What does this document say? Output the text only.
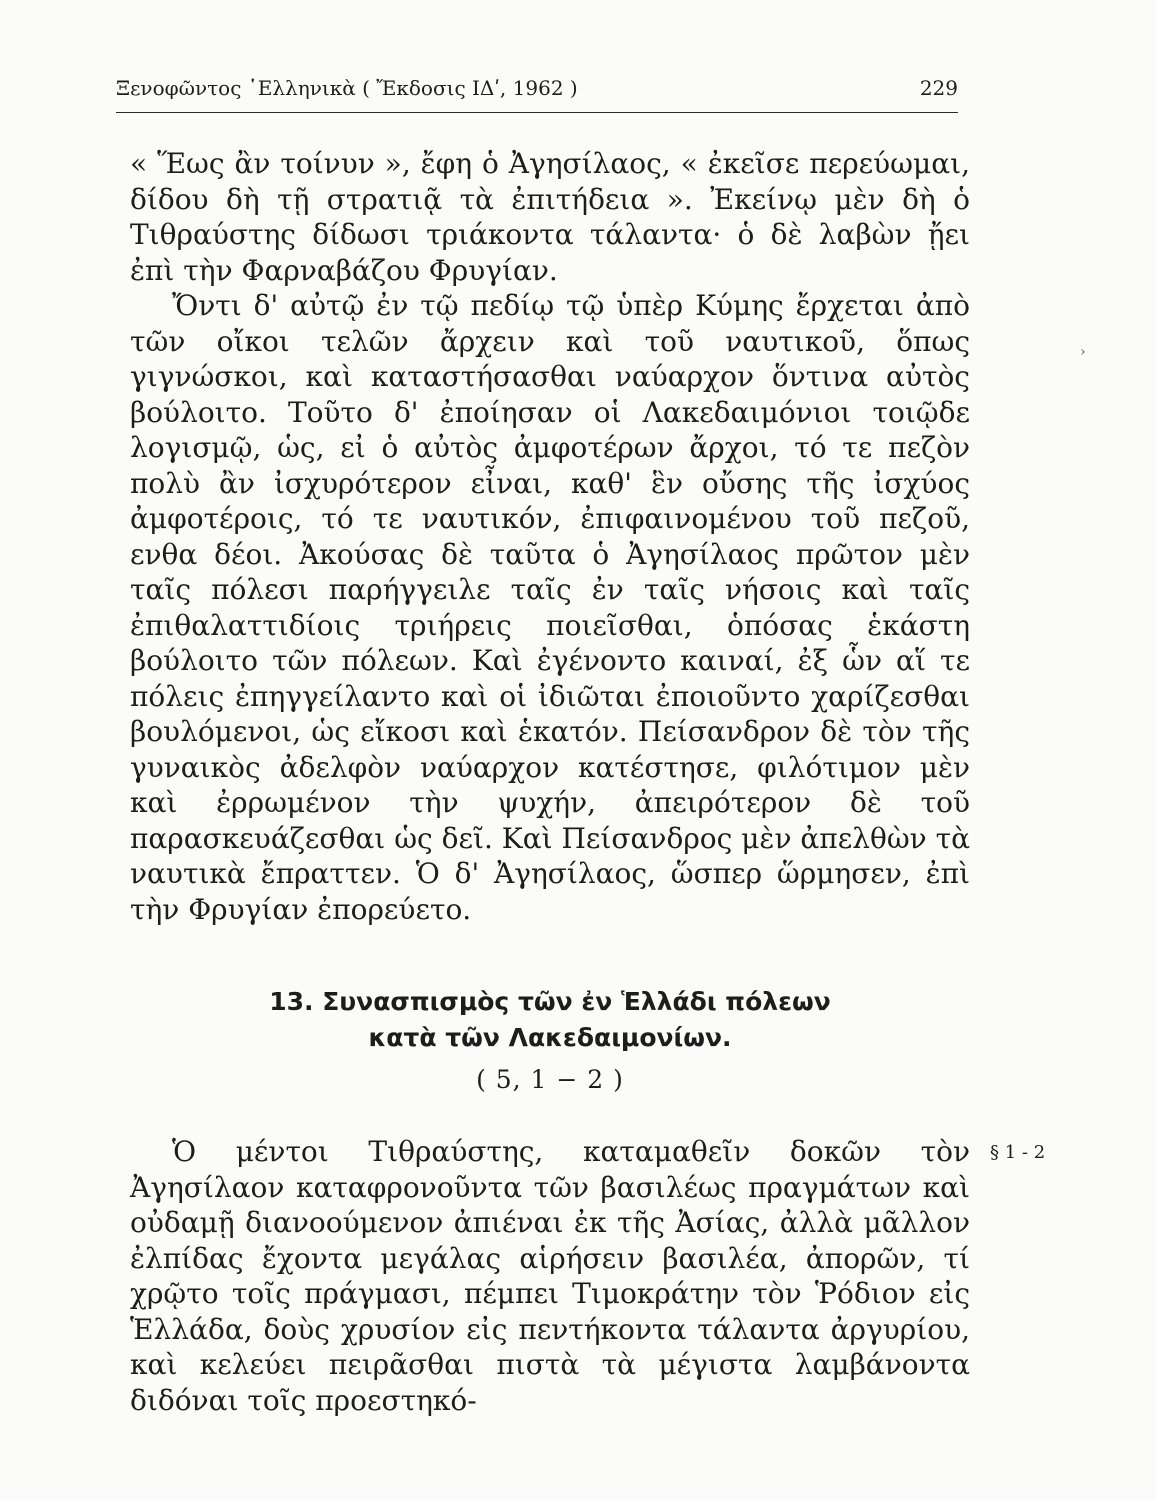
Ξενοφῶντος ῾Ελληνικὰ ( Ἔκδοσις ΙΔʹ, 1962 )	229

« Ἕως ἂν τοίνυν », ἔφη ὁ Ἀγησίλαος, « ἐκεῖσε περεύωμαι, δίδου δὴ τῇ στρατιᾷ τὰ ἐπιτήδεια ». Ἐκείνῳ μὲν δὴ ὁ Τιθραύστης δίδωσι τριάκοντα τάλαντα· ὁ δὲ λαβὼν ᾔει ἐπὶ τὴν Φαρναβάζου Φρυγίαν.

Ὄντι δ' αὐτῷ ἐν τῷ πεδίῳ τῷ ὑπὲρ Κύμης ἔρχεται ἀπὸ τῶν οἴκοι τελῶν ἄρχειν καὶ τοῦ ναυτικοῦ, ὅπως γιγνώσκοι, καὶ καταστήσασθαι ναύαρχον ὅντινα αὐτὸς βούλοιτο. Τοῦτο δ' ἐποίησαν οἱ Λακεδαιμόνιοι τοιῷδε λογισμῷ, ὡς, εἰ ὁ αὐτὸς ἀμφοτέρων ἄρχοι, τό τε πεζὸν πολὺ ἂν ἰσχυρότερον εἶναι, καθ' ἓν οὔσης τῆς ἰσχύος ἀμφοτέροις, τό τε ναυτικόν, ἐπιφαινομένου τοῦ πεζοῦ, ενθα δέοι. Ἀκούσας δὲ ταῦτα ὁ Ἀγησίλαος πρῶτον μὲν ταῖς πόλεσι παρήγγειλε ταῖς ἐν ταῖς νήσοις καὶ ταῖς ἐπιθαλαττιδίοις τριήρεις ποιεῖσθαι, ὁπόσας ἑκάστη βούλοιτο τῶν πόλεων. Καὶ ἐγένοντο καιναί, ἐξ ὧν αἵ τε πόλεις ἐπηγγείλαντο καὶ οἱ ἰδιῶται ἐποιοῦντο χαρίζεσθαι βουλόμενοι, ὡς εἴκοσι καὶ ἑκατόν. Πείσανδρον δὲ τὸν τῆς γυναικὸς ἀδελφὸν ναύαρχον κατέστησε, φιλότιμον μὲν καὶ ἐρρωμένον τὴν ψυχήν, ἀπειρότερον δὲ τοῦ παρασκευάζεσθαι ὡς δεῖ. Καὶ Πείσανδρος μὲν ἀπελθὼν τὰ ναυτικὰ ἔπραττεν. Ὁ δ' Ἀγησίλαος, ὥσπερ ὥρμησεν, ἐπὶ τὴν Φρυγίαν ἐπορεύετο.

›
13. Συνασπισμὸς τῶν ἐν Ἑλλάδι πόλεων
κατὰ τῶν Λακεδαιμονίων.
( 5, 1 − 2 )

Ὁ μέντοι Τιθραύστης, καταμαθεῖν δοκῶν τὸν Ἀγησίλαον καταφρονοῦντα τῶν βασιλέως πραγμάτων καὶ οὐδαμῇ διανοούμενον ἀπιέναι ἐκ τῆς Ἀσίας, ἀλλὰ μᾶλλον ἐλπίδας ἔχοντα μεγάλας αἱρήσειν βασιλέα, ἀπορῶν, τί χρῷτο τοῖς πράγμασι, πέμπει Τιμοκράτην τὸν Ῥόδιον εἰς Ἑλλάδα, δοὺς χρυσίον εἰς πεντήκοντα τάλαντα ἀργυρίου, καὶ κελεύει πειρᾶσθαι πιστὰ τὰ μέγιστα λαμβάνοντα διδόναι τοῖς προεστηκό-

§ 1 - 2
